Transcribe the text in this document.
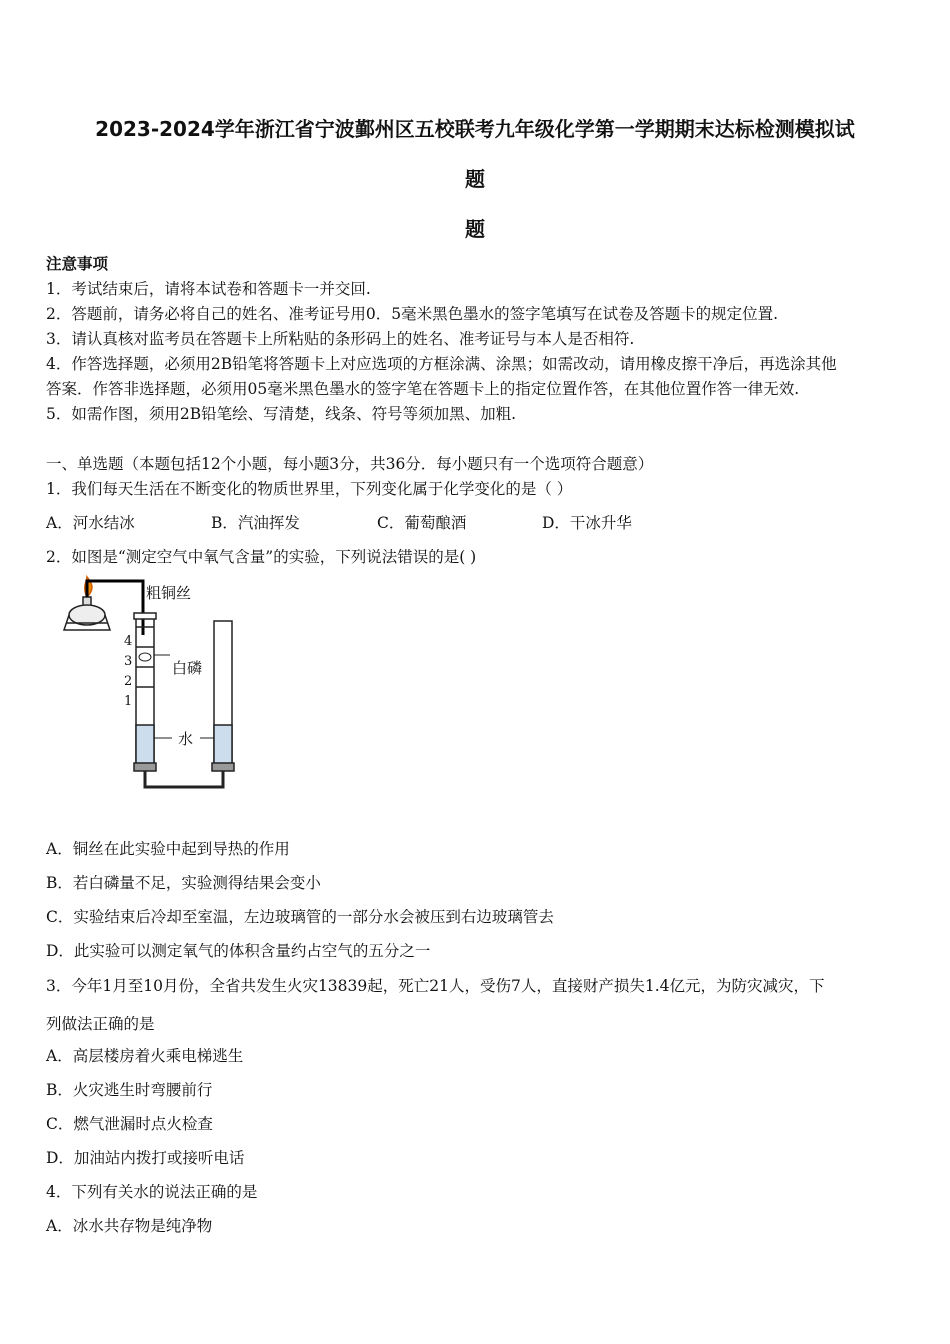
2023-2024学年浙江省宁波鄞州区五校联考九年级化学第一学期期末达标检测模拟试
题
题
注意事项
1．考试结束后，请将本试卷和答题卡一并交回.
2．答题前，请务必将自己的姓名、准考证号用0．5毫米黑色墨水的签字笔填写在试卷及答题卡的规定位置.
3．请认真核对监考员在答题卡上所粘贴的条形码上的姓名、准考证号与本人是否相符.
4．作答选择题，必须用2B铅笔将答题卡上对应选项的方框涂满、涂黑；如需改动，请用橡皮擦干净后，再选涂其他
答案．作答非选择题，必须用05毫米黑色墨水的签字笔在答题卡上的指定位置作答，在其他位置作答一律无效.
5．如需作图，须用2B铅笔绘、写清楚，线条、符号等须加黑、加粗.
一、单选题（本题包括12个小题，每小题3分，共36分．每小题只有一个选项符合题意）
1．我们每天生活在不断变化的物质世界里，下列变化属于化学变化的是（ ）
A．河水结冰	B．汽油挥发	C．葡萄酿酒	D．干冰升华
2．如图是“测定空气中氧气含量”的实验，下列说法错误的是( )
粗铜丝
白磷
水
4
3
2
1
A．铜丝在此实验中起到导热的作用
B．若白磷量不足，实验测得结果会变小
C．实验结束后冷却至室温，左边玻璃管的一部分水会被压到右边玻璃管去
D．此实验可以测定氧气的体积含量约占空气的五分之一
3．今年1月至10月份，全省共发生火灾13839起，死亡21人，受伤7人，直接财产损失1.4亿元，为防灾减灾，下
列做法正确的是
A．高层楼房着火乘电梯逃生
B．火灾逃生时弯腰前行
C．燃气泄漏时点火检查
D．加油站内拨打或接听电话
4．下列有关水的说法正确的是
A．冰水共存物是纯净物
